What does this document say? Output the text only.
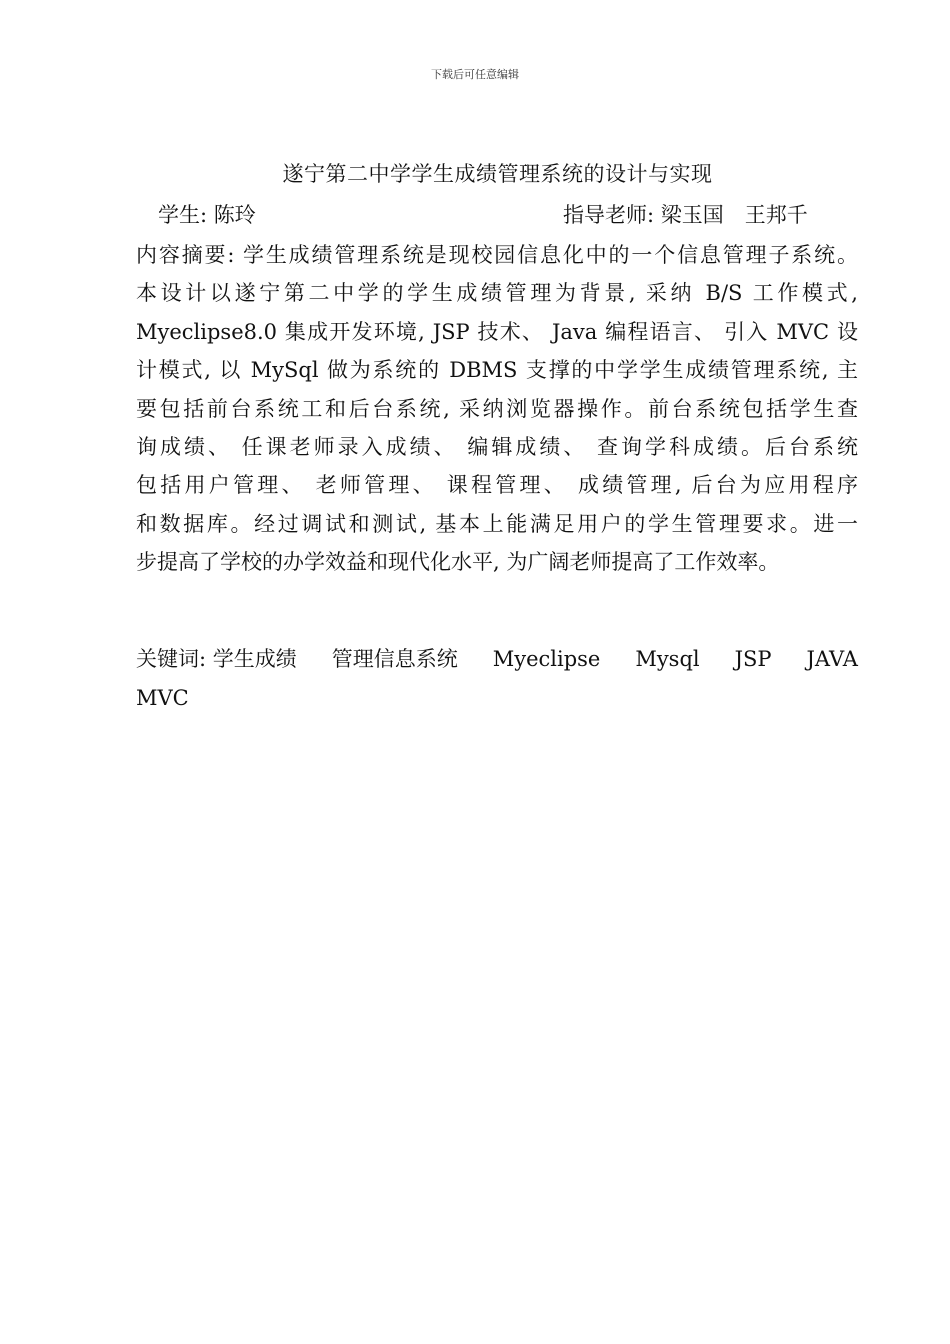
下载后可任意编辑
遂宁第二中学学生成绩管理系统的设计与实现
学生: 陈玲	指导老师: 梁玉国　王邦千
内容摘要: 学生成绩管理系统是现校园信息化中的一个信息管理子系统。
本设计以遂宁第二中学的学生成绩管理为背景, 采纳 B/S 工作模式,
Myeclipse8.0 集成开发环境, JSP 技术、 Java 编程语言、 引入 MVC 设
计模式, 以 MySql 做为系统的 DBMS 支撑的中学学生成绩管理系统, 主
要包括前台系统工和后台系统, 采纳浏览器操作。前台系统包括学生查
询成绩、 任课老师录入成绩、 编辑成绩、 查询学科成绩。后台系统
包括用户管理、 老师管理、 课程管理、 成绩管理, 后台为应用程序
和数据库。经过调试和测试, 基本上能满足用户的学生管理要求。进一
步提高了学校的办学效益和现代化水平, 为广阔老师提高了工作效率。
关键词: 学生成绩 管理信息系统 Myeclipse Mysql JSP JAVA
MVC
